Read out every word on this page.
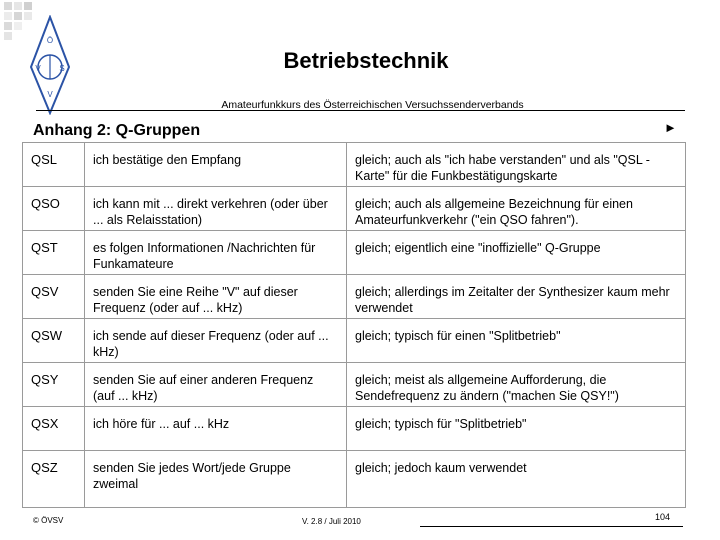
Ö
V S
V
Betriebstechnik
Amateurfunkkurs des Österreichischen Versuchssenderverbands
Anhang 2: Q-Gruppen	►
QSL	ich bestätige den Empfang	gleich; auch als "ich habe verstanden" und als "QSL -Karte" für die Funkbestätigungskarte
QSO	ich kann mit ... direkt verkehren (oder über ... als Relaisstation)	gleich; auch als allgemeine Bezeichnung für einen Amateurfunkverkehr ("ein QSO fahren").
QST	es folgen Informationen /Nachrichten für Funkamateure	gleich; eigentlich eine "inoffizielle" Q-Gruppe
QSV	senden Sie eine Reihe "V" auf dieser Frequenz (oder auf ... kHz)	gleich; allerdings im Zeitalter der Synthesizer kaum mehr verwendet
QSW	ich sende auf dieser Frequenz (oder auf ... kHz)	gleich; typisch für einen "Splitbetrieb"
QSY	senden Sie auf einer anderen Frequenz (auf ... kHz)	gleich; meist als allgemeine Aufforderung, die Sendefrequenz zu ändern ("machen Sie QSY!")
QSX	ich höre für ... auf ... kHz	gleich; typisch für "Splitbetrieb"
QSZ	senden Sie jedes Wort/jede Gruppe zweimal	gleich; jedoch kaum verwendet
© ÖVSV	V. 2.8 / Juli 2010	104
